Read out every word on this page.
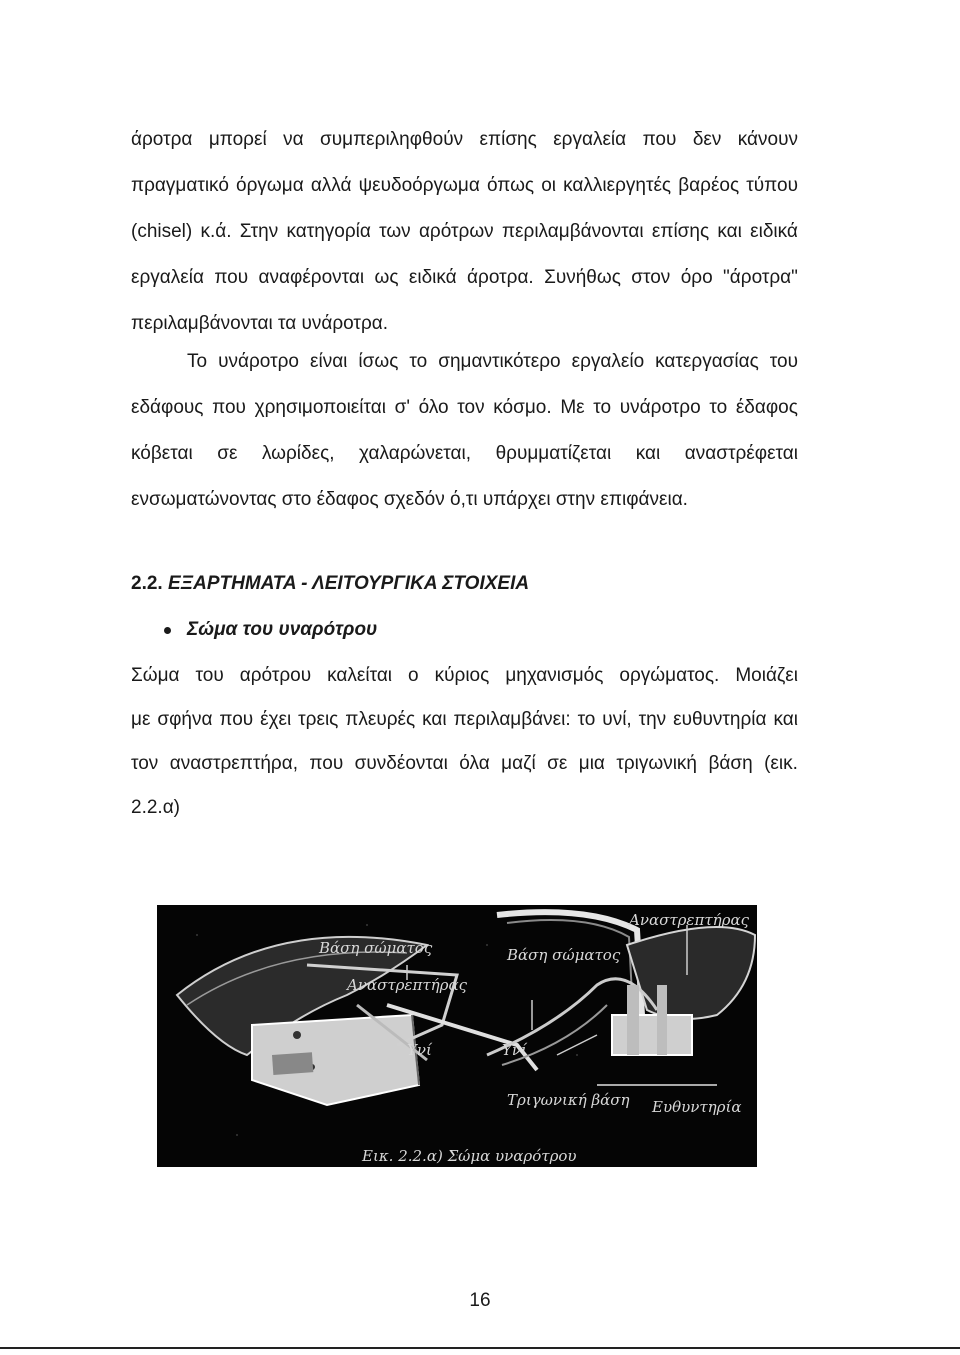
άροτρα μπορεί να συμπεριληφθούν επίσης εργαλεία που δεν κάνουν
πραγματικό όργωμα αλλά ψευδοόργωμα όπως οι καλλιεργητές βαρέος τύπου
(chisel) κ.ά. Στην κατηγορία των αρότρων περιλαμβάνονται επίσης και ειδικά
εργαλεία που αναφέρονται ως ειδικά άροτρα. Συνήθως στον όρο "άροτρα"
περιλαμβάνονται τα υνάροτρα.
Το υνάροτρο είναι ίσως το σημαντικότερο εργαλείο κατεργασίας του
εδάφους που χρησιμοποιείται σ' όλο τον κόσμο. Με το υνάροτρο το έδαφος
κόβεται σε λωρίδες, χαλαρώνεται, θρυμματίζεται και αναστρέφεται
ενσωματώνοντας στο έδαφος σχεδόν ό,τι υπάρχει στην επιφάνεια.
2.2. ΕΞΑΡΤΗΜΑΤΑ - ΛΕΙΤΟΥΡΓΙΚΑ ΣΤΟΙΧΕΙΑ
Σώμα του υναρότρου
Σώμα του αρότρου καλείται ο κύριος μηχανισμός οργώματος. Μοιάζει
με σφήνα που έχει τρεις πλευρές και περιλαμβάνει: το υνί, την ευθυντηρία και
τον αναστρεπτήρα, που συνδέονται όλα μαζί σε μια τριγωνική βάση (εικ.
2.2.α)
Αναστρεπτήρας
Βάση σώματος	Βάση σώματος
Αναστρεπτήρας
Υνί	Υνί
Τριγωνική βάση Ευθυντηρία
Εικ. 2.2.α) Σώμα υναρότρου
16
